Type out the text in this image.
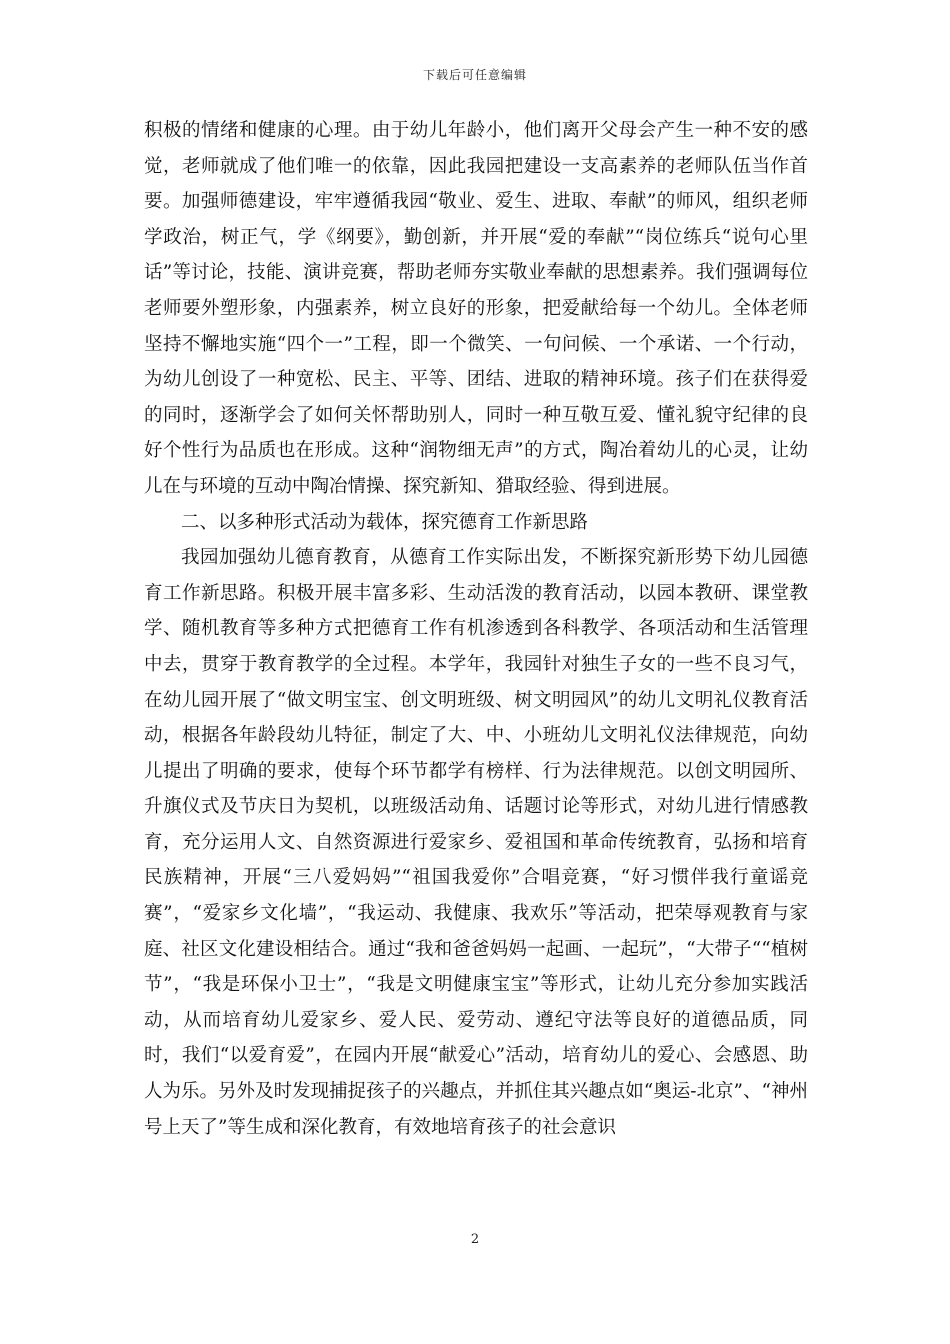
下载后可任意编辑

积极的情绪和健康的心理。由于幼儿年龄小，他们离开父母会产生一种不安的感觉，老师就成了他们唯一的依靠，因此我园把建设一支高素养的老师队伍当作首要。加强师德建设，牢牢遵循我园“敬业、爱生、进取、奉献”的师风，组织老师学政治，树正气，学《纲要》，勤创新，并开展“爱的奉献”“岗位练兵“说句心里话”等讨论，技能、演讲竞赛，帮助老师夯实敬业奉献的思想素养。我们强调每位老师要外塑形象，内强素养，树立良好的形象，把爱献给每一个幼儿。全体老师坚持不懈地实施“四个一”工程，即一个微笑、一句问候、一个承诺、一个行动，为幼儿创设了一种宽松、民主、平等、团结、进取的精神环境。孩子们在获得爱的同时，逐渐学会了如何关怀帮助别人，同时一种互敬互爱、懂礼貌守纪律的良好个性行为品质也在形成。这种“润物细无声”的方式，陶冶着幼儿的心灵，让幼儿在与环境的互动中陶冶情操、探究新知、猎取经验、得到进展。

二、以多种形式活动为载体，探究德育工作新思路

我园加强幼儿德育教育，从德育工作实际出发，不断探究新形势下幼儿园德育工作新思路。积极开展丰富多彩、生动活泼的教育活动，以园本教研、课堂教学、随机教育等多种方式把德育工作有机渗透到各科教学、各项活动和生活管理中去，贯穿于教育教学的全过程。本学年，我园针对独生子女的一些不良习气，在幼儿园开展了“做文明宝宝、创文明班级、树文明园风”的幼儿文明礼仪教育活动，根据各年龄段幼儿特征，制定了大、中、小班幼儿文明礼仪法律规范，向幼儿提出了明确的要求，使每个环节都学有榜样、行为法律规范。以创文明园所、升旗仪式及节庆日为契机，以班级活动角、话题讨论等形式，对幼儿进行情感教育，充分运用人文、自然资源进行爱家乡、爱祖国和革命传统教育，弘扬和培育民族精神，开展“三八爱妈妈”“祖国我爱你”合唱竞赛，“好习惯伴我行童谣竞赛”，“爱家乡文化墙”，“我运动、我健康、我欢乐”等活动，把荣辱观教育与家庭、社区文化建设相结合。通过“我和爸爸妈妈一起画、一起玩”，“大带子““植树节”，“我是环保小卫士”，“我是文明健康宝宝”等形式，让幼儿充分参加实践活动，从而培育幼儿爱家乡、爱人民、爱劳动、遵纪守法等良好的道德品质，同时，我们“以爱育爱”，在园内开展“献爱心”活动，培育幼儿的爱心、会感恩、助人为乐。另外及时发现捕捉孩子的兴趣点，并抓住其兴趣点如“奥运-北京”、“神州号上天了”等生成和深化教育，有效地培育孩子的社会意识

2
